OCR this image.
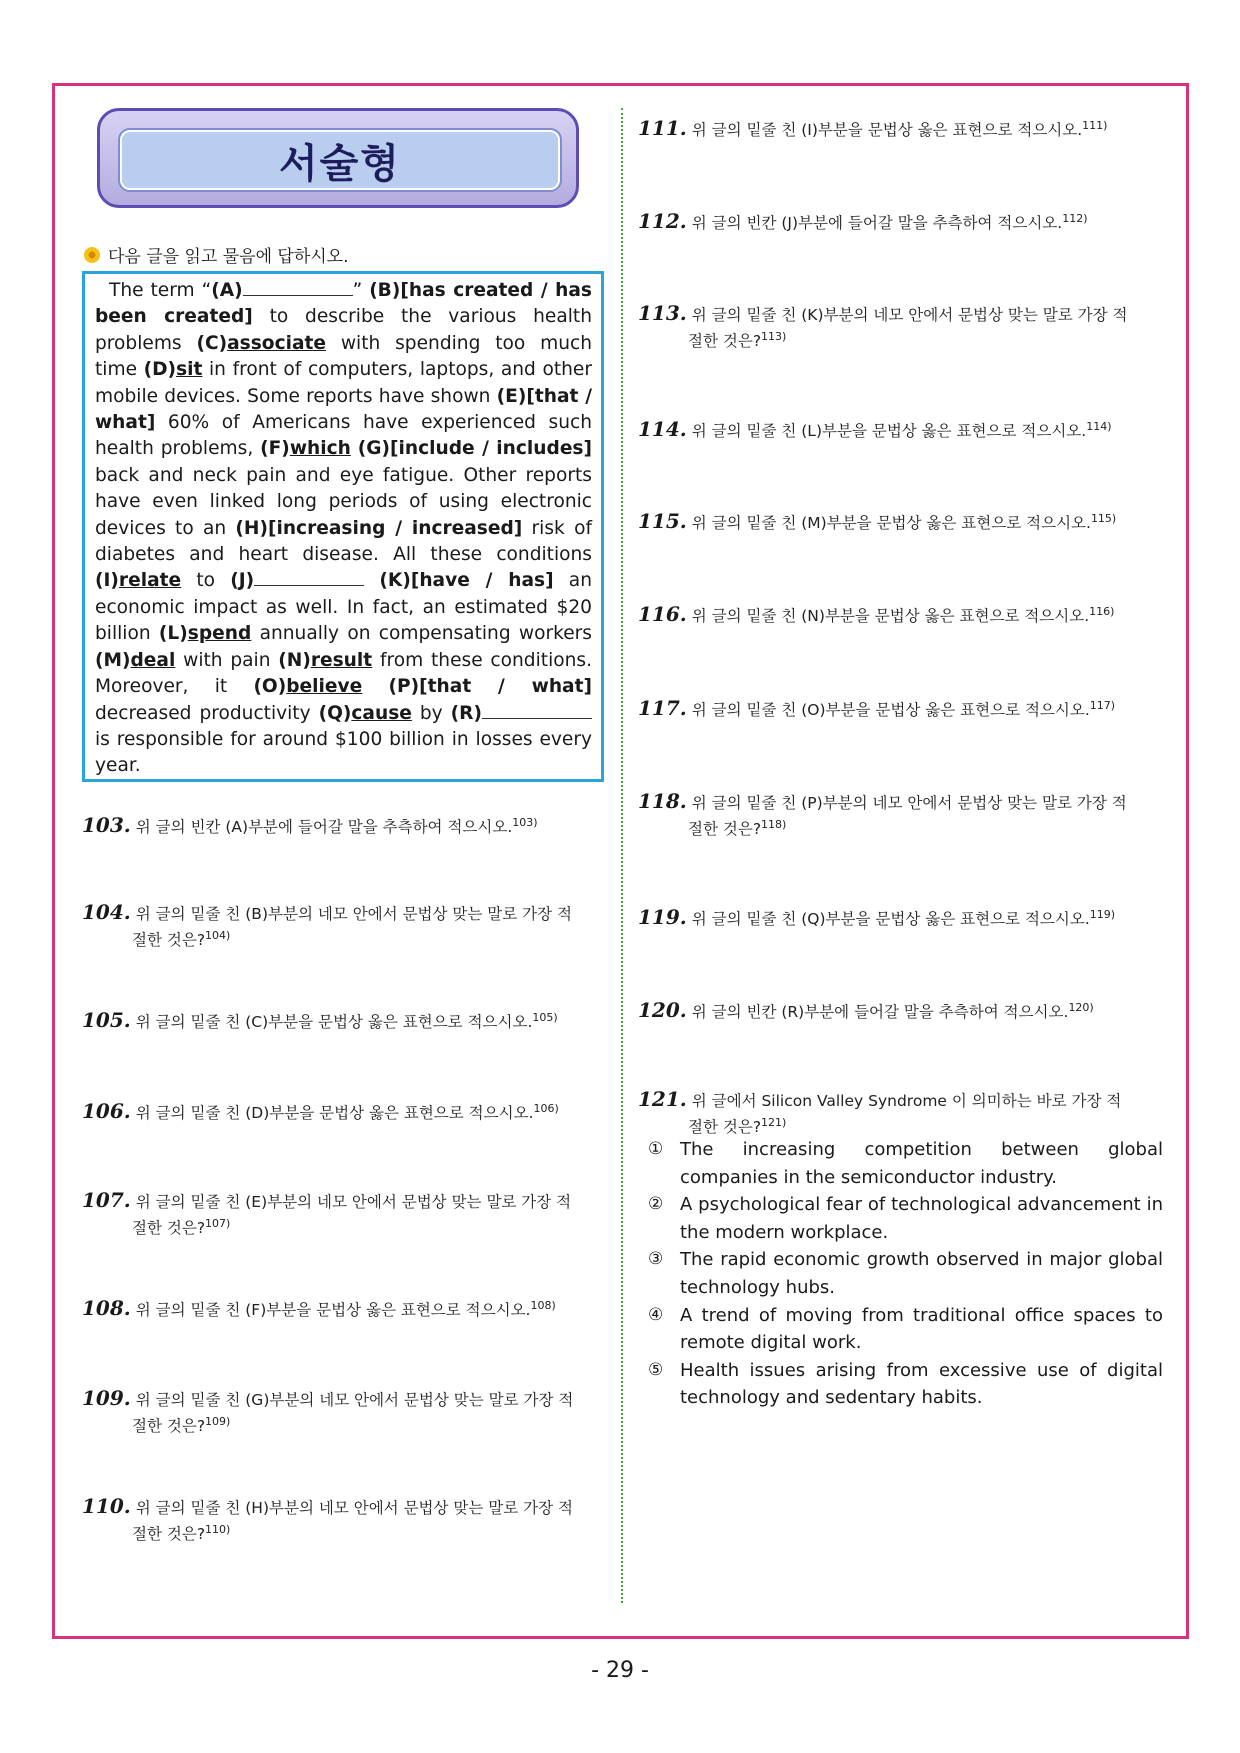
서술형
다음 글을 읽고 물음에 답하시오.

The term “(A)	” (B)[has created / has been created] to describe the various health problems (C)associate with spending too much time (D)sit in front of computers, laptops, and other mobile devices. Some reports have shown (E)[that / what] 60% of Americans have experienced such health problems, (F)which (G)[include / includes] back and neck pain and eye fatigue. Other reports have even linked long periods of using electronic devices to an (H)[increasing / increased] risk of diabetes and heart disease. All these conditions (I)relate to (J)	(K)[have / has] an economic impact as well. In fact, an estimated $20 billion (L)spend annually on compensating workers (M)deal with pain (N)result from these conditions. Moreover, it (O)believe (P)[that / what] decreased productivity (Q)cause by (R) is responsible for around $100 billion in losses every year.

103. 위 글의 빈칸 (A)부분에 들어갈 말을 추측하여 적으시오.$^{103)}$
104. 위 글의 밑줄 친 (B)부분의 네모 안에서 문법상 맞는 말로 가장 적
절한 것은?$^{104)}$
105. 위 글의 밑줄 친 (C)부분을 문법상 옳은 표현으로 적으시오.$^{105)}$
106. 위 글의 밑줄 친 (D)부분을 문법상 옳은 표현으로 적으시오.$^{106)}$
107. 위 글의 밑줄 친 (E)부분의 네모 안에서 문법상 맞는 말로 가장 적
절한 것은?$^{107)}$
108. 위 글의 밑줄 친 (F)부분을 문법상 옳은 표현으로 적으시오.$^{108)}$
109. 위 글의 밑줄 친 (G)부분의 네모 안에서 문법상 맞는 말로 가장 적
절한 것은?$^{109)}$
110. 위 글의 밑줄 친 (H)부분의 네모 안에서 문법상 맞는 말로 가장 적
절한 것은?$^{110)}$
111. 위 글의 밑줄 친 (I)부분을 문법상 옳은 표현으로 적으시오.$^{111)}$
112. 위 글의 빈칸 (J)부분에 들어갈 말을 추측하여 적으시오.$^{112)}$
113. 위 글의 밑줄 친 (K)부분의 네모 안에서 문법상 맞는 말로 가장 적
절한 것은?$^{113)}$
114. 위 글의 밑줄 친 (L)부분을 문법상 옳은 표현으로 적으시오.$^{114)}$
115. 위 글의 밑줄 친 (M)부분을 문법상 옳은 표현으로 적으시오.$^{115)}$
116. 위 글의 밑줄 친 (N)부분을 문법상 옳은 표현으로 적으시오.$^{116)}$
117. 위 글의 밑줄 친 (O)부분을 문법상 옳은 표현으로 적으시오.$^{117)}$
118. 위 글의 밑줄 친 (P)부분의 네모 안에서 문법상 맞는 말로 가장 적
절한 것은?$^{118)}$
119. 위 글의 밑줄 친 (Q)부분을 문법상 옳은 표현으로 적으시오.$^{119)}$
120. 위 글의 빈칸 (R)부분에 들어갈 말을 추측하여 적으시오.$^{120)}$
121. 위 글에서 Silicon Valley Syndrome 이 의미하는 바로 가장 적
절한 것은?$^{121)}$
① The increasing competition between global companies in the semiconductor industry.
② A psychological fear of technological advancement in the modern workplace.
③ The rapid economic growth observed in major global technology hubs.
④ A trend of moving from traditional office spaces to remote digital work.
⑤ Health issues arising from excessive use of digital technology and sedentary habits.
- 29 -
